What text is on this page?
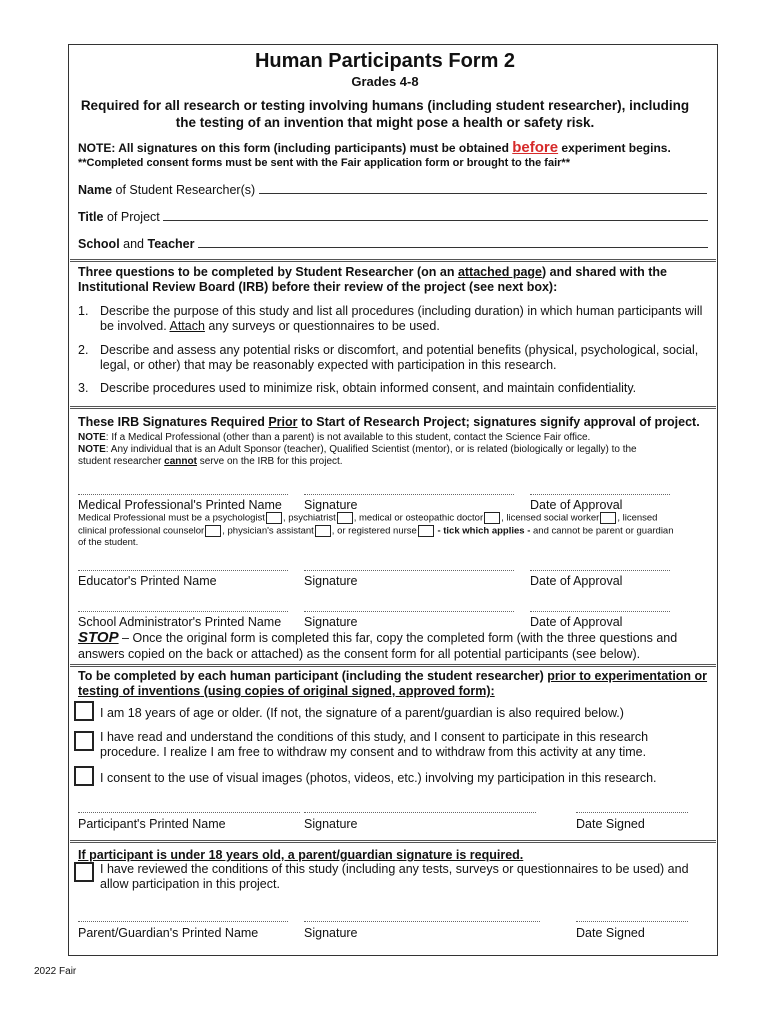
Human Participants Form 2
Grades 4-8
Required for all research or testing involving humans (including student researcher), including
the testing of an invention that might pose a health or safety risk.
NOTE: All signatures on this form (including participants) must be obtained before experiment begins.
**Completed consent forms must be sent with the Fair application form or brought to the fair**
Name of Student Researcher(s)
Title of Project
School and Teacher
Three questions to be completed by Student Researcher (on an attached page) and shared with the
Institutional Review Board (IRB) before their review of the project (see next box):
1. Describe the purpose of this study and list all procedures (including duration) in which human participants will
be involved. Attach any surveys or questionnaires to be used.
2. Describe and assess any potential risks or discomfort, and potential benefits (physical, psychological, social,
legal, or other) that may be reasonably expected with participation in this research.
3. Describe procedures used to minimize risk, obtain informed consent, and maintain confidentiality.
These IRB Signatures Required Prior to Start of Research Project; signatures signify approval of project.
NOTE: If a Medical Professional (other than a parent) is not available to this student, contact the Science Fair office.
NOTE: Any individual that is an Adult Sponsor (teacher), Qualified Scientist (mentor), or is related (biologically or legally) to the
student researcher cannot serve on the IRB for this project.
Medical Professional's Printed Name Signature	Date of Approval
Medical Professional must be a psychologist , psychiatrist , medical or osteopathic doctor , licensed social worker , licensed
clinical professional counselor , physician's assistant , or registered nurse - tick which applies - and cannot be parent or guardian
of the student.
Educator's Printed Name	Signature	Date of Approval
School Administrator's Printed Name Signature	Date of Approval
STOP – Once the original form is completed this far, copy the completed form (with the three questions and
answers copied on the back or attached) as the consent form for all potential participants (see below).
To be completed by each human participant (including the student researcher) prior to experimentation or
testing of inventions (using copies of original signed, approved form):
I am 18 years of age or older. (If not, the signature of a parent/guardian is also required below.)
I have read and understand the conditions of this study, and I consent to participate in this research
procedure. I realize I am free to withdraw my consent and to withdraw from this activity at any time.
I consent to the use of visual images (photos, videos, etc.) involving my participation in this research.
Participant's Printed Name	Signature	Date Signed
If participant is under 18 years old, a parent/guardian signature is required.
I have reviewed the conditions of this study (including any tests, surveys or questionnaires to be used) and
allow participation in this project.
Parent/Guardian's Printed Name	Signature	Date Signed
2022 Fair
